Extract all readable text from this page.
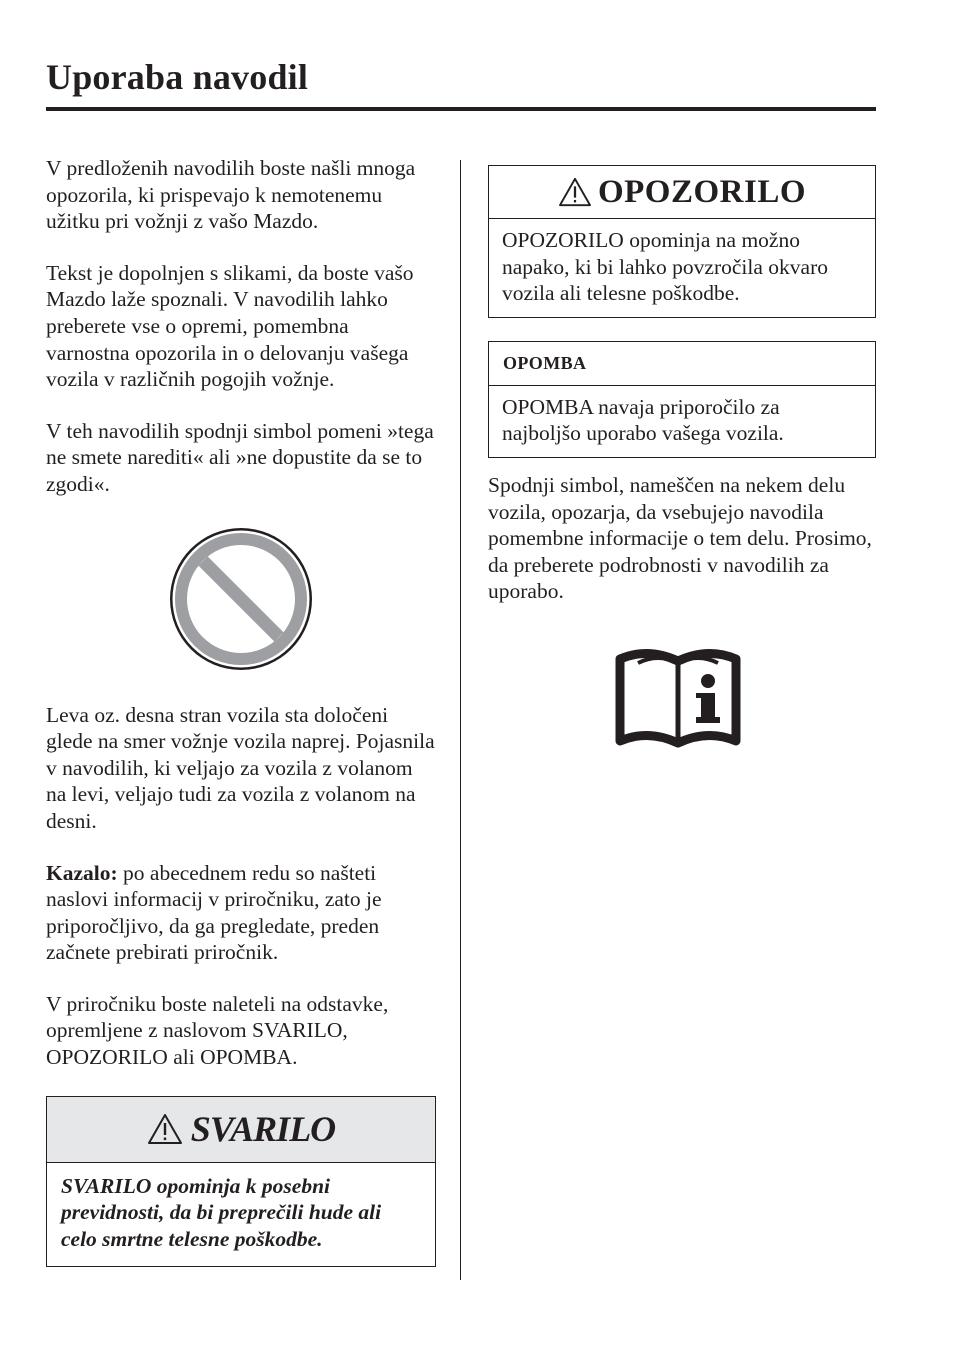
Uporaba navodil

V predloženih navodilih boste našli mnoga opozorila, ki prispevajo k nemotenemu užitku pri vožnji z vašo Mazdo.

Tekst je dopolnjen s slikami, da boste vašo Mazdo laže spoznali. V navodilih lahko preberete vse o opremi, pomembna varnostna opozorila in o delovanju vašega vozila v različnih pogojih vožnje.

V teh navodilih spodnji simbol pomeni »tega ne smete narediti« ali »ne dopustite da se to zgodi«.

Leva oz. desna stran vozila sta določeni glede na smer vožnje vozila naprej. Pojasnila v navodilih, ki veljajo za vozila z volanom na levi, veljajo tudi za vozila z volanom na desni.

Kazalo: po abecednem redu so našteti naslovi informacij v priročniku, zato je priporočljivo, da ga pregledate, preden začnete prebirati priročnik.

V priročniku boste naleteli na odstavke, opremljene z naslovom SVARILO, OPOZORILO ali OPOMBA.

SVARILO
SVARILO opominja k posebni previdnosti, da bi preprečili hude ali celo smrtne telesne poškodbe.
OPOZORILO
OPOZORILO opominja na možno napako, ki bi lahko povzročila okvaro vozila ali telesne poškodbe.
OPOMBA
OPOMBA navaja priporočilo za najboljšo uporabo vašega vozila.

Spodnji simbol, nameščen na nekem delu vozila, opozarja, da vsebujejo navodila pomembne informacije o tem delu. Prosimo, da preberete podrobnosti v navodilih za uporabo.
